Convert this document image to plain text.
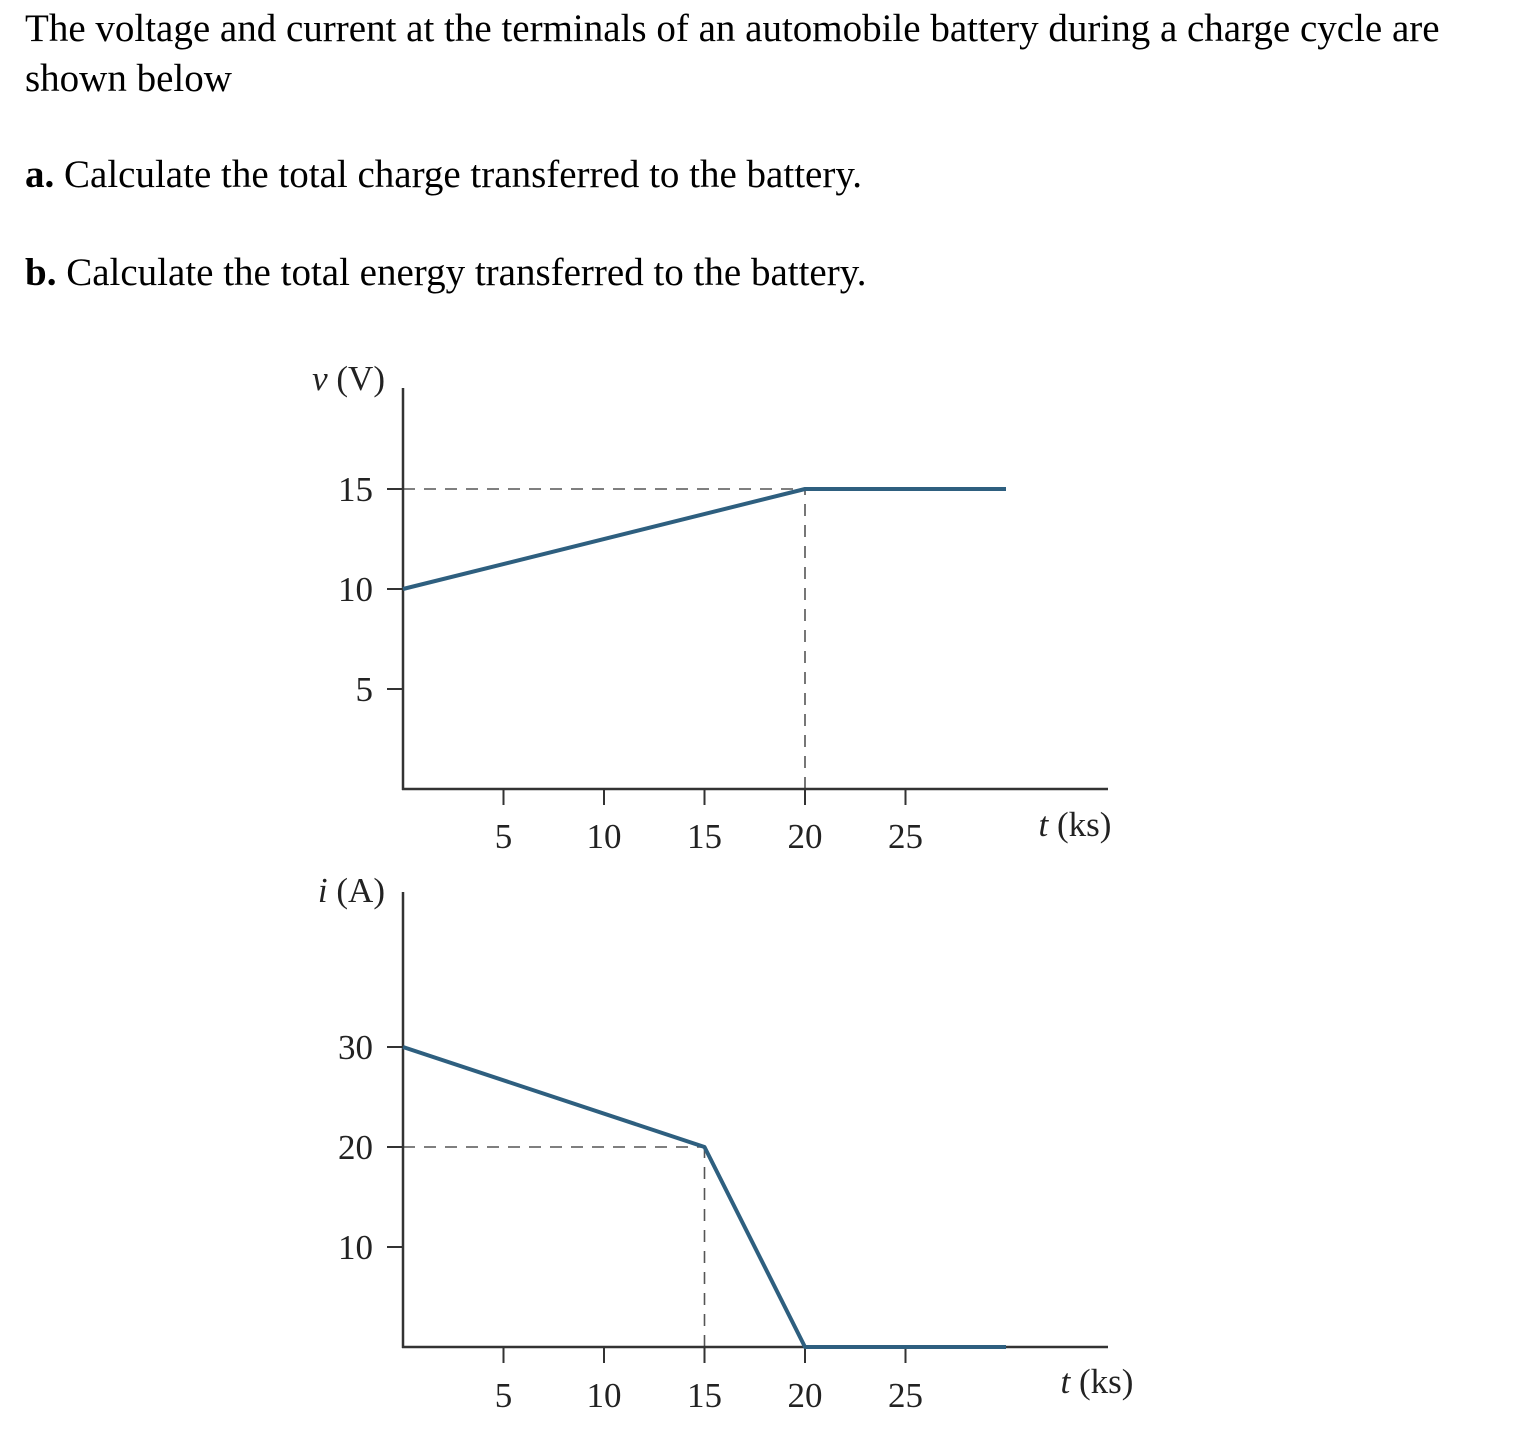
The voltage and current at the terminals of an automobile battery during a charge cycle are shown below

a. Calculate the total charge transferred to the battery.

b. Calculate the total energy transferred to the battery.

5 10 15 20 25
5
10
15
v (V)
t (ks)
5 10 15 20 25
10
20
30
i (A)
t (ks)
